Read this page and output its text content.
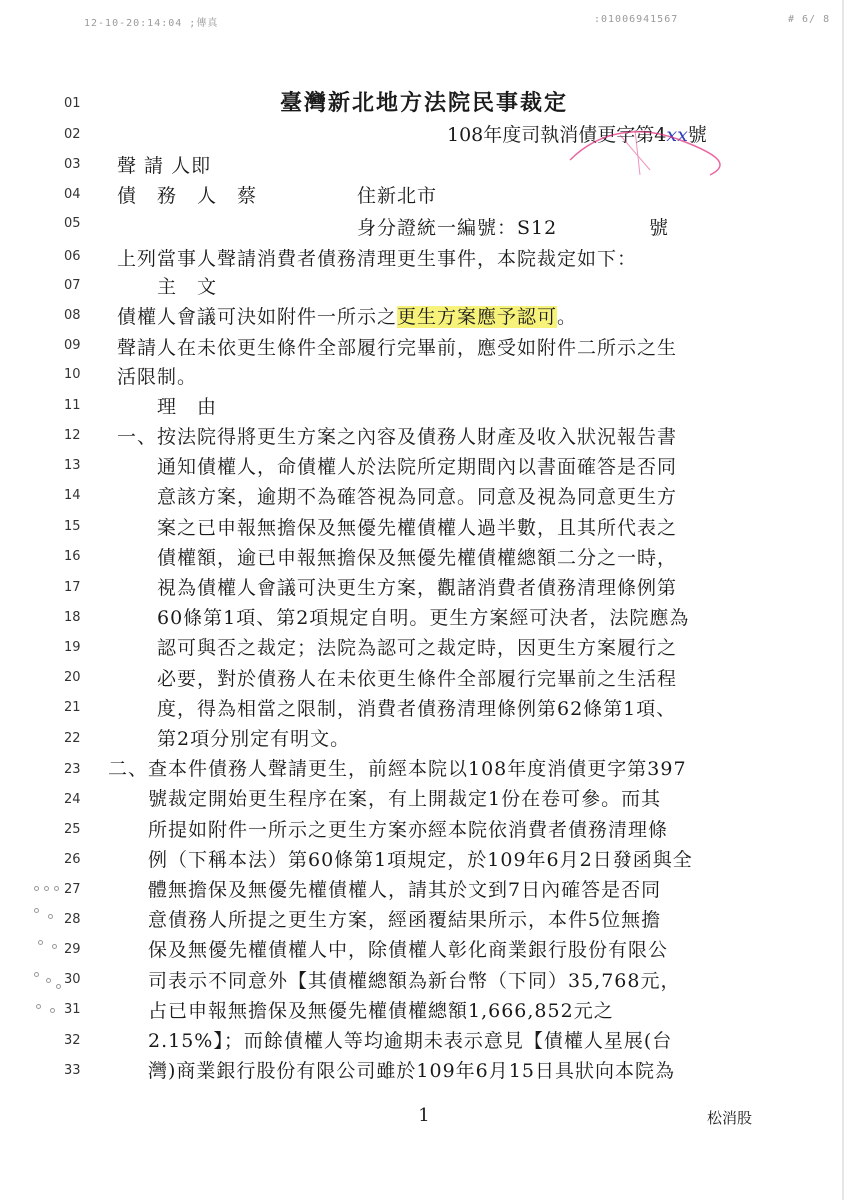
12-10-20:14:04 ;傳真	:01006941567	# 6/ 8
01
02
03
04
05
06
07
08
09
10
11
12
13
14
15
16
17
18
19
20
21
22
23
24
25
26
27
28
29
30
31
32
33
臺灣新北地方法院民事裁定
108年度司執消債更字第4xx號
聲 請 人即
債　務　人　蔡	住新北市
身分證統一編號：S12	號
上列當事人聲請消費者債務清理更生事件，本院裁定如下：
主　文
債權人會議可決如附件一所示之更生方案應予認可。
聲請人在未依更生條件全部履行完畢前，應受如附件二所示之生
活限制。
理　由
一、按法院得將更生方案之內容及債務人財產及收入狀況報告書
　　通知債權人，命債權人於法院所定期間內以書面確答是否同
　　意該方案，逾期不為確答視為同意。同意及視為同意更生方
　　案之已申報無擔保及無優先權債權人過半數，且其所代表之
　　債權額，逾已申報無擔保及無優先權債權總額二分之一時，
　　視為債權人會議可決更生方案，觀諸消費者債務清理條例第
　　60條第1項、第2項規定自明。更生方案經可決者，法院應為
　　認可與否之裁定；法院為認可之裁定時，因更生方案履行之
　　必要，對於債務人在未依更生條件全部履行完畢前之生活程
　　度，得為相當之限制，消費者債務清理條例第62條第1項、
　　第2項分別定有明文。
二、查本件債務人聲請更生，前經本院以108年度消債更字第397
　　號裁定開始更生程序在案，有上開裁定1份在卷可參。而其
　　所提如附件一所示之更生方案亦經本院依消費者債務清理條
　　例（下稱本法）第60條第1項規定，於109年6月2日發函與全
　　體無擔保及無優先權債權人，請其於文到7日內確答是否同
　　意債務人所提之更生方案，經函覆結果所示，本件5位無擔
　　保及無優先權債權人中，除債權人彰化商業銀行股份有限公
　　司表示不同意外【其債權總額為新台幣（下同）35,768元，
　　占已申報無擔保及無優先權債權總額1,666,852元之
　　2.15%】；而餘債權人等均逾期未表示意見【債權人星展(台
　　灣)商業銀行股份有限公司雖於109年6月15日具狀向本院為
1	松消股
